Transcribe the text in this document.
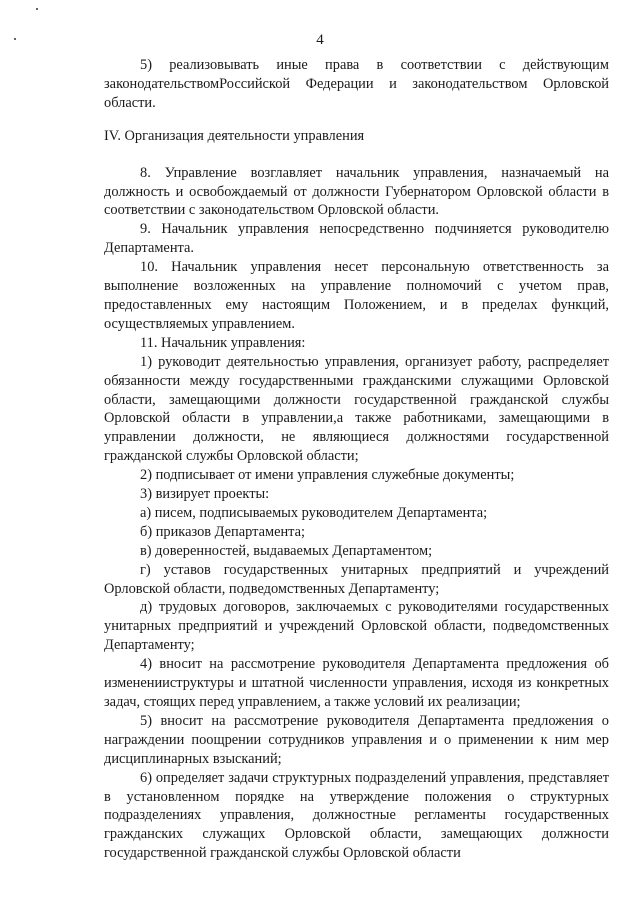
4

5) реализовывать иные права в соответствии с действующим законодательствомРоссийской Федерации и законодательством Орловской области.

IV. Организация деятельности управления

8. Управление возглавляет начальник управления, назначаемый на должность и освобождаемый от должности Губернатором Орловской области в соответствии с законодательством Орловской области.

9. Начальник управления непосредственно подчиняется руководителю Департамента.

10. Начальник управления несет персональную ответственность за выполнение возложенных на управление полномочий с учетом прав, предоставленных ему настоящим Положением, и в пределах функций, осуществляемых управлением.

11. Начальник управления:

1) руководит деятельностью управления, организует работу, распределяет обязанности между государственными гражданскими служащими Орловской области, замещающими должности государственной гражданской службы Орловской области в управлении,а также работниками, замещающими в управлении должности, не являющиеся должностями государственной гражданской службы Орловской области;

2) подписывает от имени управления служебные документы;

3) визирует проекты:

а) писем, подписываемых руководителем Департамента;

б) приказов Департамента;

в) доверенностей, выдаваемых Департаментом;

г) уставов государственных унитарных предприятий и учреждений Орловской области, подведомственных Департаменту;

д) трудовых договоров, заключаемых с руководителями государственных унитарных предприятий и учреждений Орловской области, подведомственных Департаменту;

4) вносит на рассмотрение руководителя Департамента предложения об измененииструктуры и штатной численности управления, исходя из конкретных задач, стоящих перед управлением, а также условий их реализации;

5) вносит на рассмотрение руководителя Департамента предложения о награждении поощрении сотрудников управления и о применении к ним мер дисциплинарных взысканий;

6) определяет задачи структурных подразделений управления, представляет в установленном порядке на утверждение положения о структурных подразделениях управления, должностные регламенты государственных гражданских служащих Орловской области, замещающих должности государственной гражданской службы Орловской области
